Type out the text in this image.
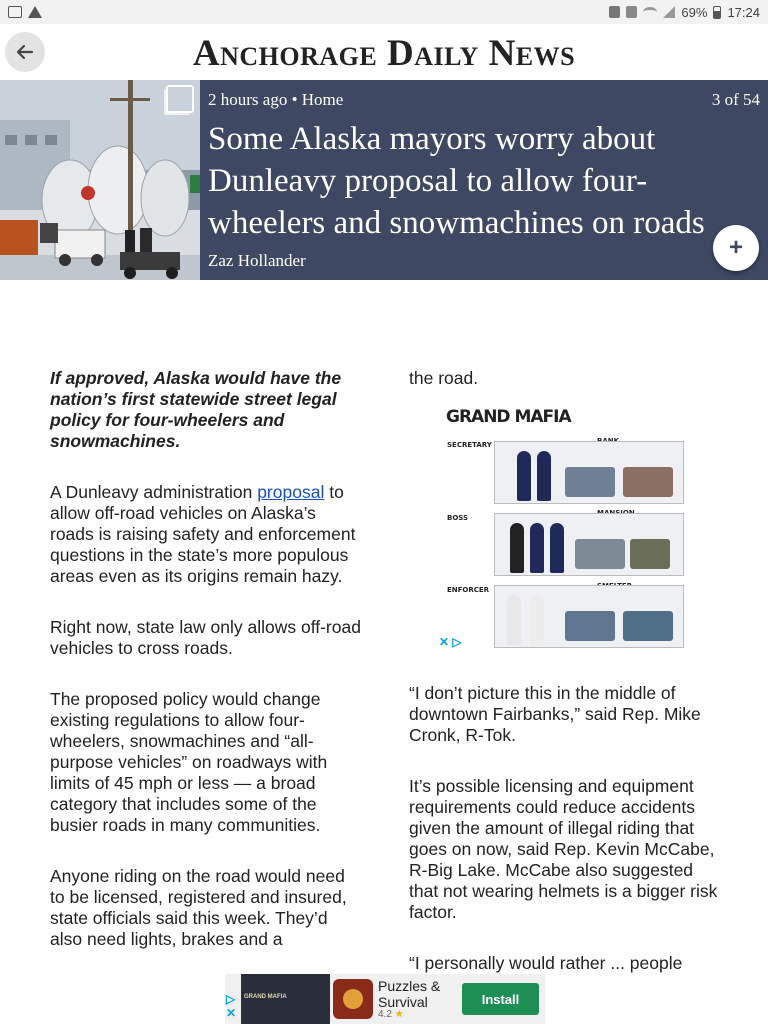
69% 17:24
Anchorage Daily News
2 hours ago • Home	3 of 54
Some Alaska mayors worry about
Dunleavy proposal to allow four-
wheelers and snowmachines on roads
Zaz Hollander	+

If approved, Alaska would have the nation’s first statewide street legal policy for four-wheelers and snowmachines.

A Dunleavy administration proposal to allow off-road vehicles on Alaska’s roads is raising safety and enforcement questions in the state’s more populous areas even as its origins remain hazy.

Right now, state law only allows off-road vehicles to cross roads.

The proposed policy would change existing regulations to allow four-wheelers, snowmachines and “all-purpose vehicles” on roadways with limits of 45 mph or less — a broad category that includes some of the busier roads in many communities.

Anyone riding on the road would need to be licensed, registered and insured, state officials said this week. They’d also need lights, brakes and a

the road.

GRAND MAFIA
SECRETARY
BOSS
ENFORCER
✕ ▷

“I don’t picture this in the middle of downtown Fairbanks,” said Rep. Mike Cronk, R-Tok.

It’s possible licensing and equipment requirements could reduce accidents given the amount of illegal riding that goes on now, said Rep. Kevin McCabe, R-Big Lake. McCabe also suggested that not wearing helmets is a bigger risk factor.

“I personally would rather ... people

▷
✕
GRAND MAFIA
Puzzles &
Survival
4.2 ★
Install
